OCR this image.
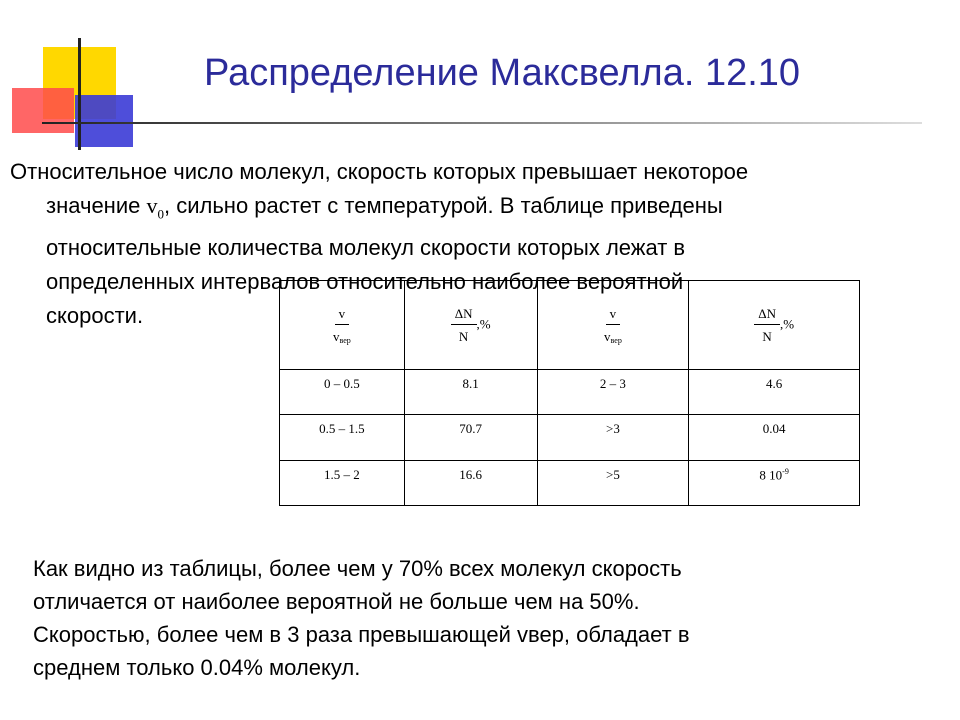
Распределение Максвелла. 12.10

Относительное число молекул, скорость которых превышает некоторое
значение $v_0$, сильно растет с температурой. В таблице приведены
относительные количества молекул скорости которых лежат в
определенных интервалов относительно наиболее вероятной
скорости.	$\frac{v}{\text{vвер}}$	$\frac{\Delta N}{N}$ ,%	$\frac{v}{\text{vвер}}$	$\frac{\Delta N}{N}$ ,%
0 – 0.5	8.1	2 – 3	4.6
0.5 – 1.5	70.7	>3	0.04
1.5 – 2	16.6	>5	8 $10^{-9}$

Как видно из таблицы, более чем у 70% всех молекул скорость
отличается от наиболее вероятной не больше чем на 50%.
Скоростью, более чем в 3 раза превышающей vвер, обладает в
среднем только 0.04% молекул.
